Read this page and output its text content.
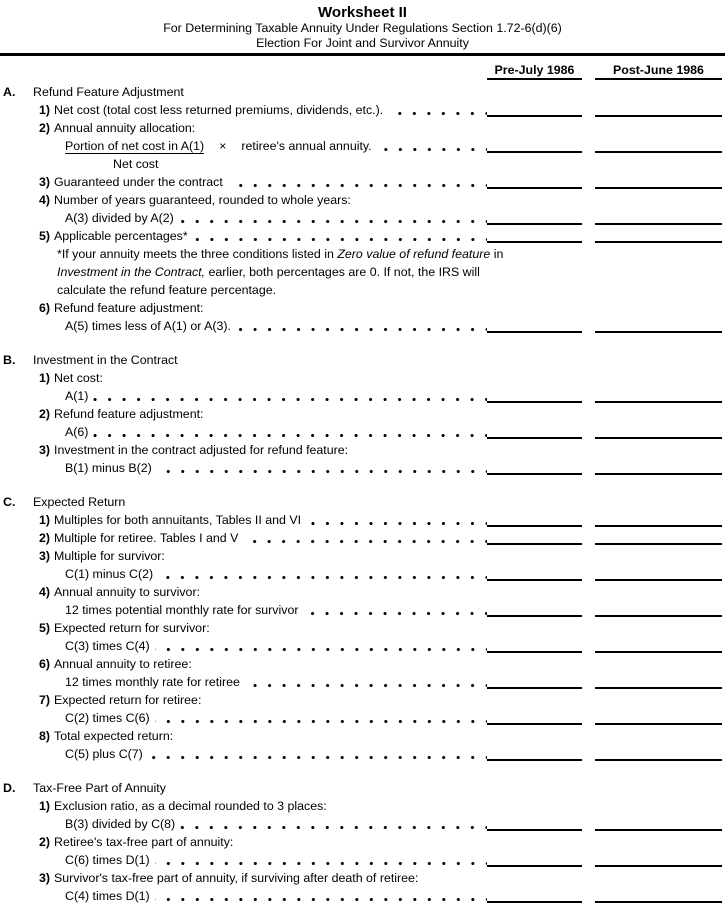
Worksheet II
For Determining Taxable Annuity Under Regulations Section 1.72-6(d)(6)
Election For Joint and Survivor Annuity
Pre-July 1986	Post-June 1986
A. Refund Feature Adjustment
1) Net cost (total cost less returned premiums, dividends, etc.).
2) Annual annuity allocation:
Portion of net cost in A(1) × retiree's annual annuity.
Net cost
3) Guaranteed under the contract
4) Number of years guaranteed, rounded to whole years:
A(3) divided by A(2)
5) Applicable percentages*
*If your annuity meets the three conditions listed in Zero value of refund feature in
Investment in the Contract, earlier, both percentages are 0. If not, the IRS will
calculate the refund feature percentage.
6) Refund feature adjustment:
A(5) times less of A(1) or A(3).
B. Investment in the Contract
1) Net cost:
A(1)
2) Refund feature adjustment:
A(6)
3) Investment in the contract adjusted for refund feature:
B(1) minus B(2)
C. Expected Return
1) Multiples for both annuitants, Tables II and VI
2) Multiple for retiree. Tables I and V
3) Multiple for survivor:
C(1) minus C(2)
4) Annual annuity to survivor:
12 times potential monthly rate for survivor
5) Expected return for survivor:
C(3) times C(4)
6) Annual annuity to retiree:
12 times monthly rate for retiree
7) Expected return for retiree:
C(2) times C(6)
8) Total expected return:
C(5) plus C(7)
D. Tax-Free Part of Annuity
1) Exclusion ratio, as a decimal rounded to 3 places:
B(3) divided by C(8)
2) Retiree's tax-free part of annuity:
C(6) times D(1)
3) Survivor's tax-free part of annuity, if surviving after death of retiree:
C(4) times D(1)
